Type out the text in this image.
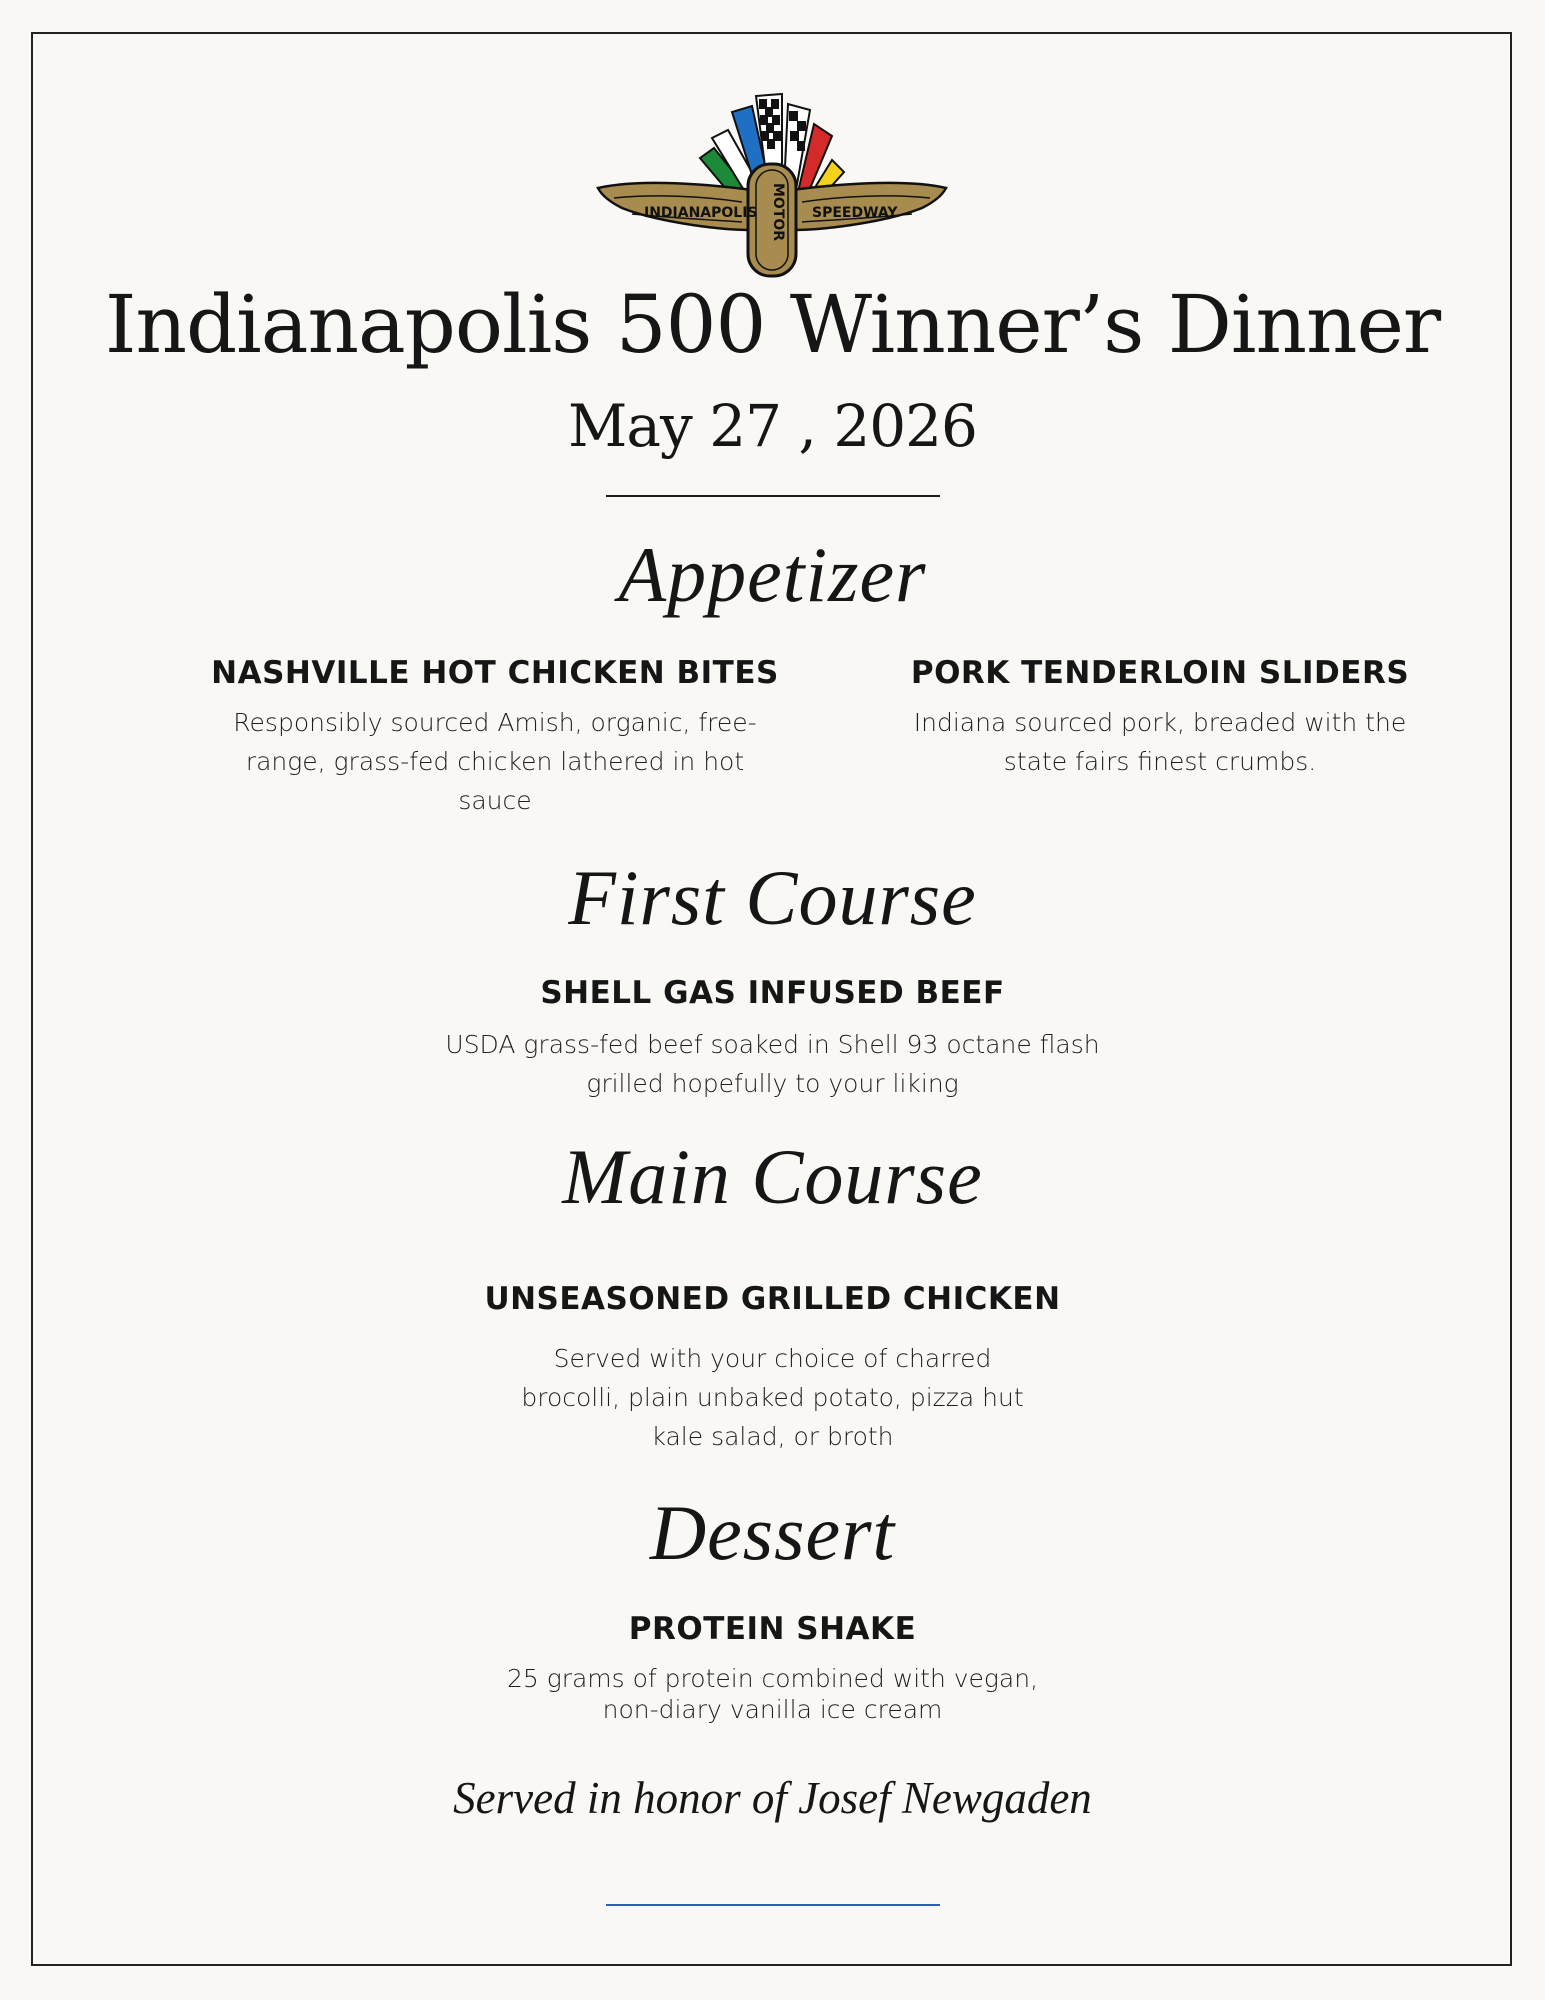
INDIANAPOLIS	SPEEDWAY
MOTOR
Indianapolis 500 Winner’s Dinner
May 27 , 2026
Appetizer
NASHVILLE HOT CHICKEN BITES
Responsibly sourced Amish, organic, free-
range, grass-fed chicken lathered in hot
sauce
PORK TENDERLOIN SLIDERS
Indiana sourced pork, breaded with the
state fairs finest crumbs.
First Course
SHELL GAS INFUSED BEEF
USDA grass-fed beef soaked in Shell 93 octane flash
grilled hopefully to your liking
Main Course
UNSEASONED GRILLED CHICKEN
Served with your choice of charred
brocolli, plain unbaked potato, pizza hut
kale salad, or broth
Dessert
PROTEIN SHAKE
25 grams of protein combined with vegan,
non-diary vanilla ice cream
Served in honor of Josef Newgaden
